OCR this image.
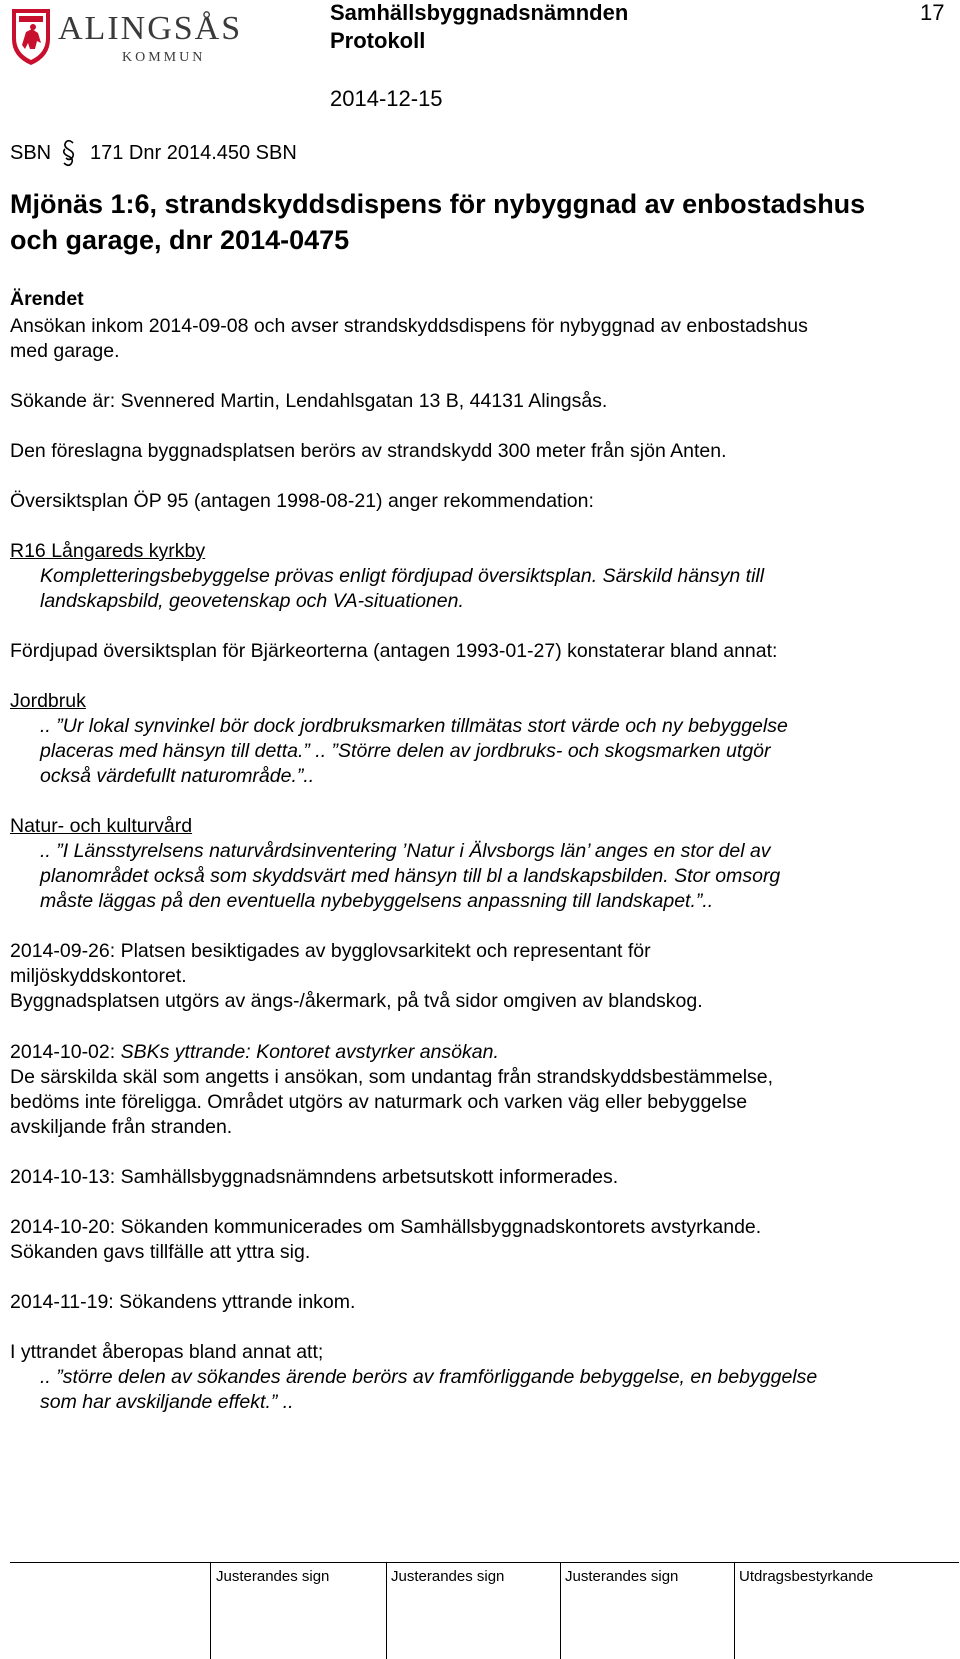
ALINGSÅS
KOMMUN
Samhällsbyggnadsnämnden
Protokoll
17
2014-12-15
SBN 171 Dnr 2014.450 SBN
Mjönäs 1:6, strandskyddsdispens för nybyggnad av enbostadshus
och garage, dnr 2014-0475
Ärendet
Ansökan inkom 2014-09-08 och avser strandskyddsdispens för nybyggnad av enbostadshus
med garage.
Sökande är: Svennered Martin, Lendahlsgatan 13 B, 44131 Alingsås.
Den föreslagna byggnadsplatsen berörs av strandskydd 300 meter från sjön Anten.
Översiktsplan ÖP 95 (antagen 1998-08-21) anger rekommendation:
R16 Långareds kyrkby
Kompletteringsbebyggelse prövas enligt fördjupad översiktsplan. Särskild hänsyn till
landskapsbild, geovetenskap och VA-situationen.
Fördjupad översiktsplan för Bjärkeorterna (antagen 1993-01-27) konstaterar bland annat:
Jordbruk
.. ”Ur lokal synvinkel bör dock jordbruksmarken tillmätas stort värde och ny bebyggelse
placeras med hänsyn till detta.” .. ”Större delen av jordbruks- och skogsmarken utgör
också värdefullt naturområde.”..
Natur- och kulturvård
.. ”I Länsstyrelsens naturvårdsinventering ’Natur i Älvsborgs län’ anges en stor del av
planområdet också som skyddsvärt med hänsyn till bl a landskapsbilden. Stor omsorg
måste läggas på den eventuella nybebyggelsens anpassning till landskapet.”..
2014-09-26: Platsen besiktigades av bygglovsarkitekt och representant för
miljöskyddskontoret.
Byggnadsplatsen utgörs av ängs-/åkermark, på två sidor omgiven av blandskog.
2014-10-02: SBKs yttrande: Kontoret avstyrker ansökan.
De särskilda skäl som angetts i ansökan, som undantag från strandskyddsbestämmelse,
bedöms inte föreligga. Området utgörs av naturmark och varken väg eller bebyggelse
avskiljande från stranden.
2014-10-13: Samhällsbyggnadsnämndens arbetsutskott informerades.
2014-10-20: Sökanden kommunicerades om Samhällsbyggnadskontorets avstyrkande.
Sökanden gavs tillfälle att yttra sig.
2014-11-19: Sökandens yttrande inkom.
I yttrandet åberopas bland annat att;
.. ”större delen av sökandes ärende berörs av framförliggande bebyggelse, en bebyggelse
som har avskiljande effekt.” ..
Justerandes sign	Justerandes sign	Justerandes sign	Utdragsbestyrkande
